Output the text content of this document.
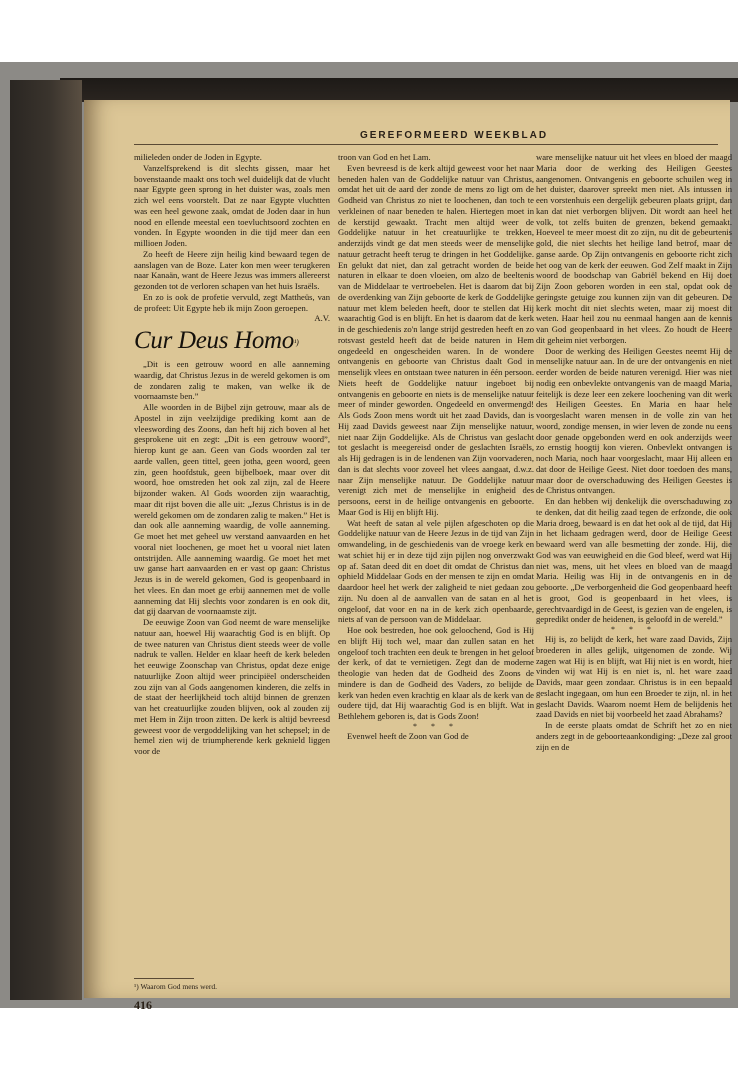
GEREFORMEERD WEEKBLAD

milieleden onder de Joden in Egypte.

Vanzelfsprekend is dit slechts gissen, maar het bovenstaande maakt ons toch wel duidelijk dat de vlucht naar Egypte geen sprong in het duister was, zoals men zich wel eens voorstelt. Dat ze naar Egypte vluchtten was een heel gewone zaak, omdat de Joden daar in hun nood en ellende meestal een toevluchtsoord zochten en vonden. In Egypte woonden in die tijd meer dan een millioen Joden.

Zo heeft de Heere zijn heilig kind bewaard tegen de aanslagen van de Boze. Later kon men weer terugkeren naar Kanaän, want de Heere Jezus was immers allereerst gezonden tot de verloren schapen van het huis Israëls.

En zo is ook de profetie vervuld, zegt Mattheüs, van de profeet: Uit Egypte heb ik mijn Zoon geroepen.

A.V.

Cur Deus Homo$^{^1)}$

„Dit is een getrouw woord en alle aanneming waardig, dat Christus Jezus in de wereld gekomen is om de zondaren zalig te maken, van welke ik de voornaamste ben.”

Alle woorden in de Bijbel zijn getrouw, maar als de Apostel in zijn veelzijdige prediking komt aan de vleeswording des Zoons, dan heft hij zich boven al het gesprokene uit en zegt: „Dit is een getrouw woord”, hierop kunt ge aan. Geen van Gods woorden zal ter aarde vallen, geen tittel, geen jotha, geen woord, geen zin, geen hoofdstuk, geen bijbelboek, maar over dit woord, hoe omstreden het ook zal zijn, zal de Heere bijzonder waken. Al Gods woorden zijn waarachtig, maar dit rijst boven die alle uit: „Jezus Christus is in de wereld gekomen om de zondaren zalig te maken.” Het is dan ook alle aanneming waardig, de volle aanneming. Ge moet het met geheel uw verstand aanvaarden en het vooral niet loochenen, ge moet het u vooral niet laten ontstrijden. Alle aanneming waardig. Ge moet het met uw ganse hart aanvaarden en er vast op gaan: Christus Jezus is in de wereld gekomen, God is geopenbaard in het vlees. En dan moet ge erbij aannemen met de volle aanneming dat Hij slechts voor zondaren is en ook dit, dat gij daarvan de voornaamste zijt.

De eeuwige Zoon van God neemt de ware menselijke natuur aan, hoewel Hij waarachtig God is en blijft. Op de twee naturen van Christus dient steeds weer de volle nadruk te vallen. Helder en klaar heeft de kerk beleden het eeuwige Zoonschap van Christus, opdat deze enige natuurlijke Zoon altijd weer principiëel onderscheiden zou zijn van al Gods aangenomen kinderen, die zelfs in de staat der heerlijkheid toch altijd binnen de grenzen van het creatuurlijke zouden blijven, ook al zouden zij met Hem in Zijn troon zitten. De kerk is altijd bevreesd geweest voor de vergoddelijking van het schepsel; in de hemel zien wij de triumpherende kerk geknield liggen voor de

troon van God en het Lam.

Even bevreesd is de kerk altijd geweest voor het naar beneden halen van de Goddelijke natuur van Christus, omdat het uit de aard der zonde de mens zo ligt om de Godheid van Christus zo niet te loochenen, dan toch te verkleinen of naar beneden te halen. Hiertegen moet in de kerstijd gewaakt. Tracht men altijd weer de Goddelijke natuur in het creatuurlijke te trekken, anderzijds vindt ge dat men steeds weer de menselijke natuur getracht heeft terug te dringen in het Goddelijke. En gelukt dat niet, dan zal getracht worden de beide naturen in elkaar te doen vloeien, om alzo de beeltenis van de Middelaar te vertroebelen. Het is daarom dat bij de overdenking van Zijn geboorte de kerk de Goddelijke natuur met klem beleden heeft, door te stellen dat Hij waarachtig God is en blijft. En het is daarom dat de kerk in de geschiedenis zo'n lange strijd gestreden heeft en zo rotsvast gesteld heeft dat de beide naturen in Hem ongedeeld en ongescheiden waren. In de wondere ontvangenis en geboorte van Christus daalt God in menselijk vlees en ontstaan twee naturen in één persoon. Niets heeft de Goddelijke natuur ingeboet bij ontvangenis en geboorte en niets is de menselijke natuur meer of minder geworden. Ongedeeld en onvermengd! Als Gods Zoon mens wordt uit het zaad Davids, dan is Hij zaad Davids geweest naar Zijn menselijke natuur, niet naar Zijn Goddelijke. Als de Christus van geslacht tot geslacht is meegereisd onder de geslachten Israëls, als Hij gedragen is in de lendenen van Zijn voorvaderen, dan is dat slechts voor zoveel het vlees aangaat, d.w.z. naar Zijn menselijke natuur. De Goddelijke natuur verenigt zich met de menselijke in enigheid des persoons, eerst in de heilige ontvangenis en geboorte. Maar God is Hij en blijft Hij.

Wat heeft de satan al vele pijlen afgeschoten op die Goddelijke natuur van de Heere Jezus in de tijd van Zijn omwandeling, in de geschiedenis van de vroege kerk en wat schiet hij er in deze tijd zijn pijlen nog onverzwakt op af. Satan deed dit en doet dit omdat de Christus dan ophield Middelaar Gods en der mensen te zijn en omdat daardoor heel het werk der zaligheid te niet gedaan zou zijn. Nu doen al de aanvallen van de satan en al het ongeloof, dat voor en na in de kerk zich openbaarde, niets af van de persoon van de Middelaar.

Hoe ook bestreden, hoe ook geloochend, God is Hij en blijft Hij toch wel, maar dan zullen satan en het ongeloof toch trachten een deuk te brengen in het geloof der kerk, of dat te vernietigen. Zegt dan de moderne theologie van heden dat de Godheid des Zoons de mindere is dan de Godheid des Vaders, zo belijde de kerk van heden even krachtig en klaar als de kerk van de oudere tijd, dat Hij waarachtig God is en blijft. Wat in Bethlehem geboren is, dat is Gods Zoon!

* * *

Evenwel heeft de Zoon van God de

ware menselijke natuur uit het vlees en bloed der maagd Maria door de werking des Heiligen Geestes aangenomen. Ontvangenis en geboorte schuilen weg in het duister, daarover spreekt men niet. Als intussen in een vorstenhuis een dergelijk gebeuren plaats grijpt, dan kan dat niet verborgen blijven. Dit wordt aan heel het volk, tot zelfs buiten de grenzen, bekend gemaakt. Hoeveel te meer moest dit zo zijn, nu dit de gebeurtenis gold, die niet slechts het heilige land betrof, maar de ganse aarde. Op Zijn ontvangenis en geboorte richt zich het oog van de kerk der eeuwen. God Zelf maakt in Zijn woord de boodschap van Gabriël bekend en Hij doet Zijn Zoon geboren worden in een stal, opdat ook de geringste getuige zou kunnen zijn van dit gebeuren. De kerk mocht dit niet slechts weten, maar zij moest dit weten. Haar heil zou nu eenmaal hangen aan de kennis van God geopenbaard in het vlees. Zo houdt de Heere dit geheim niet verborgen.

Door de werking des Heiligen Geestes neemt Hij de menselijke natuur aan. In de ure der ontvangenis en niet eerder worden de beide naturen verenigd. Hier was niet nodig een onbevlekte ontvangenis van de maagd Maria, feitelijk is deze leer een zekere loochening van dit werk des Heiligen Geestes. En Maria en haar hele voorgeslacht waren mensen in de volle zin van het woord, zondige mensen, in wier leven de zonde nu eens door genade opgebonden werd en ook anderzijds weer zo ernstig hoogtij kon vieren. Onbevlekt ontvangen is noch Maria, noch haar voorgeslacht, maar Hij alleen en dat door de Heilige Geest. Niet door toedoen des mans, maar door de overschaduwing des Heiligen Geestes is de Christus ontvangen.

En dan hebben wij denkelijk die overschaduwing zo te denken, dat dit heilig zaad tegen de erfzonde, die ook Maria droeg, bewaard is en dat het ook al de tijd, dat Hij in het lichaam gedragen werd, door de Heilige Geest bewaard werd van alle besmetting der zonde. Hij, die God was van eeuwigheid en die God bleef, werd wat Hij niet was, mens, uit het vlees en bloed van de maagd Maria. Heilig was Hij in de ontvangenis en in de geboorte. „De verborgenheid die God geopenbaard heeft is groot, God is geopenbaard in het vlees, is gerechtvaardigd in de Geest, is gezien van de engelen, is gepredikt onder de heidenen, is geloofd in de wereld.”

* * *

Hij is, zo belijdt de kerk, het ware zaad Davids, Zijn broederen in alles gelijk, uitgenomen de zonde. Wij zagen wat Hij is en blijft, wat Hij niet is en wordt, hier vinden wij wat Hij is en niet is, nl. het ware zaad Davids, maar geen zondaar. Christus is in een bepaald geslacht ingegaan, om hun een Broeder te zijn, nl. in het geslacht Davids. Waarom noemt Hem de belijdenis het zaad Davids en niet bij voorbeeld het zaad Abrahams?

In de eerste plaats omdat de Schrift het zo en niet anders zegt in de geboorteaankondiging: „Deze zal groot zijn en de

¹) Waarom God mens werd.
416
